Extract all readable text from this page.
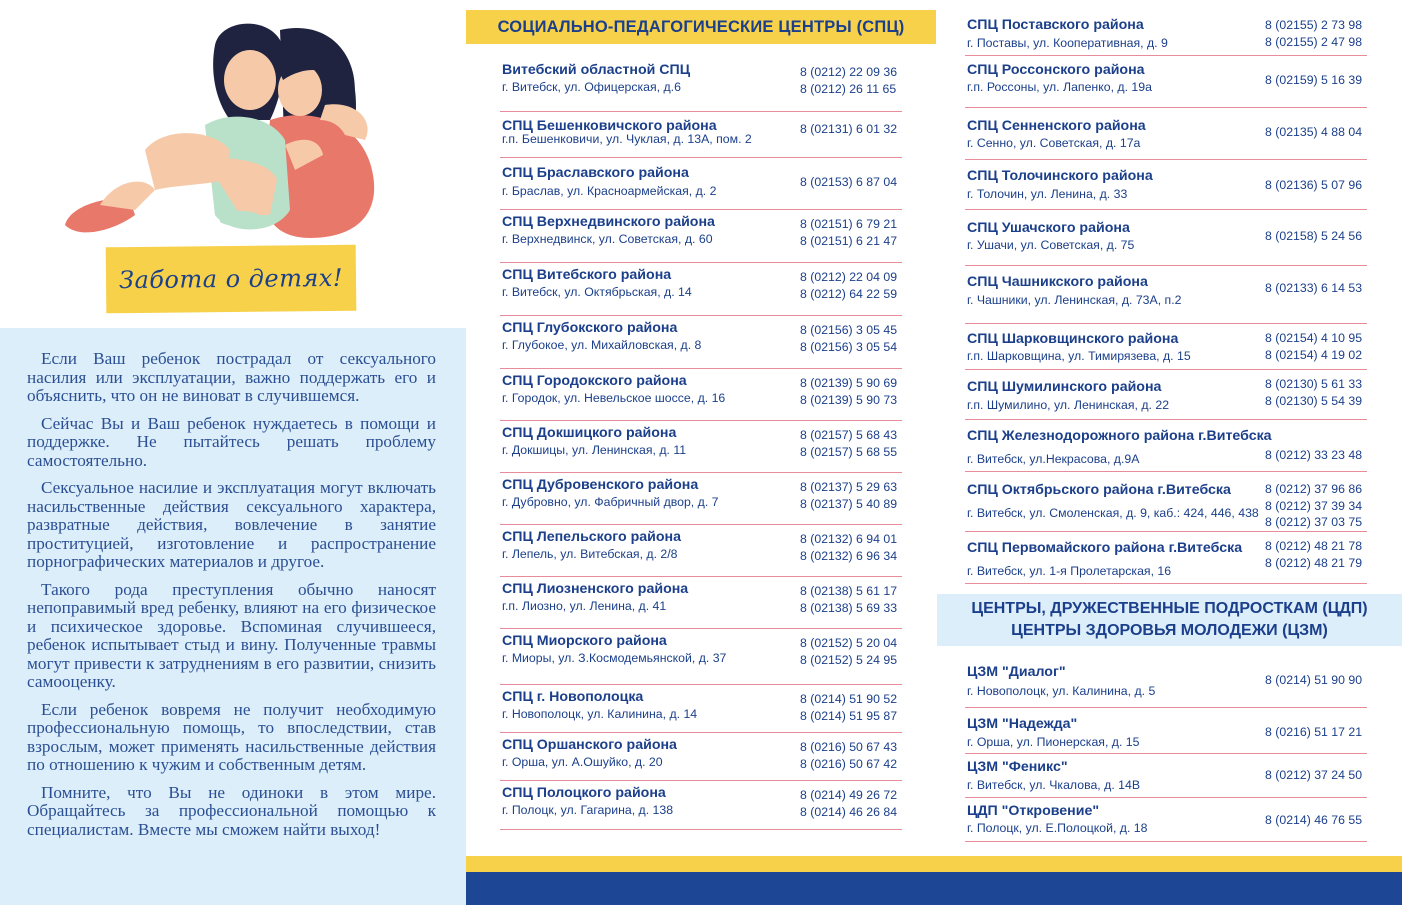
Забота о детях!

Если Ваш ребенок пострадал от сексуального насилия или эксплуатации, важно поддержать его и объяснить, что он не виноват в случившемся.

Сейчас Вы и Ваш ребенок нуждаетесь в помощи и поддержке. Не пытайтесь решать проблему самостоятельно.

Сексуальное насилие и эксплуатация могут включать насильственные действия сексуального характера, развратные действия, вовлечение в занятие проституцией, изготовление и распространение порнографических материалов и другое.

Такого рода преступления обычно наносят непоправимый вред ребенку, влияют на его физическое и психическое здоровье. Вспоминая случившееся, ребенок испытывает стыд и вину. Полученные травмы могут привести к затруднениям в его развитии, снизить самооценку.

Если ребенок вовремя не получит необходимую профессиональную помощь, то впоследствии, став взрослым, может применять насильственные действия по отношению к чужим и собственным детям.

Помните, что Вы не одиноки в этом мире. Обращайтесь за профессиональной помощью к специалистам. Вместе мы сможем найти выход!

СОЦИАЛЬНО-ПЕДАГОГИЧЕСКИЕ ЦЕНТРЫ (СПЦ)
Витебский областной СПЦ
г. Витебск, ул. Офицерская, д.6
8 (0212) 22 09 36
8 (0212) 26 11 65
СПЦ Бешенковичского района
г.п. Бешенковичи, ул. Чуклая, д. 13А, пом. 2
8 (02131) 6 01 32
СПЦ Браславского района
г. Браслав, ул. Красноармейская, д. 2
8 (02153) 6 87 04
СПЦ Верхнедвинского района
г. Верхнедвинск, ул. Советская, д. 60
8 (02151) 6 79 21
8 (02151) 6 21 47
СПЦ Витебского района
г. Витебск, ул. Октябрьская, д. 14
8 (0212) 22 04 09
8 (0212) 64 22 59
СПЦ Глубокского района
г. Глубокое, ул. Михайловская, д. 8
8 (02156) 3 05 45
8 (02156) 3 05 54
СПЦ Городокского района
г. Городок, ул. Невельское шоссе, д. 16
8 (02139) 5 90 69
8 (02139) 5 90 73
СПЦ Докшицкого района
г. Докшицы, ул. Ленинская, д. 11
8 (02157) 5 68 43
8 (02157) 5 68 55
СПЦ Дубровенского района
г. Дубровно, ул. Фабричный двор, д. 7
8 (02137) 5 29 63
8 (02137) 5 40 89
СПЦ Лепельского района
г. Лепель, ул. Витебская, д. 2/8
8 (02132) 6 94 01
8 (02132) 6 96 34
СПЦ Лиозненского района
г.п. Лиозно, ул. Ленина, д. 41
8 (02138) 5 61 17
8 (02138) 5 69 33
СПЦ Миорского района
г. Миоры, ул. З.Космодемьянской, д. 37
8 (02152) 5 20 04
8 (02152) 5 24 95
СПЦ г. Новополоцка
г. Новополоцк, ул. Калинина, д. 14
8 (0214) 51 90 52
8 (0214) 51 95 87
СПЦ Оршанского района
г. Орша, ул. А.Ошуйко, д. 20
8 (0216) 50 67 43
8 (0216) 50 67 42
СПЦ Полоцкого района
г. Полоцк, ул. Гагарина, д. 138
8 (0214) 49 26 72
8 (0214) 46 26 84
СПЦ Поставского района
г. Поставы, ул. Кооперативная, д. 9
8 (02155) 2 73 98
8 (02155) 2 47 98
СПЦ Россонского района
г.п. Россоны, ул. Лапенко, д. 19а	8 (02159) 5 16 39
СПЦ Сенненского района
г. Сенно, ул. Советская, д. 17а
8 (02135) 4 88 04
СПЦ Толочинского района
г. Толочин, ул. Ленина, д. 33
8 (02136) 5 07 96
СПЦ Ушачского района
г. Ушачи, ул. Советская, д. 75
8 (02158) 5 24 56
СПЦ Чашникского района
г. Чашники, ул. Ленинская, д. 73А, п.2
8 (02133) 6 14 53
СПЦ Шарковщинского района
г.п. Шарковщина, ул. Тимирязева, д. 15
8 (02154) 4 10 95
8 (02154) 4 19 02
СПЦ Шумилинского района
г.п. Шумилино, ул. Ленинская, д. 22
8 (02130) 5 61 33
8 (02130) 5 54 39
СПЦ Железнодорожного района г.Витебска
г. Витебск, ул.Некрасова, д.9А	8 (0212) 33 23 48
СПЦ Октябрьского района г.Витебска
г. Витебск, ул. Смоленская, д. 9, каб.: 424, 446, 438
8 (0212) 37 96 86
8 (0212) 37 39 34
8 (0212) 37 03 75
СПЦ Первомайского района г.Витебска
г. Витебск, ул. 1-я Пролетарская, 16
8 (0212) 48 21 78
8 (0212) 48 21 79
ЦЕНТРЫ, ДРУЖЕСТВЕННЫЕ ПОДРОСТКАМ (ЦДП)
ЦЕНТРЫ ЗДОРОВЬЯ МОЛОДЕЖИ (ЦЗМ)
ЦЗМ "Диалог"
г. Новополоцк, ул. Калинина, д. 5
8 (0214) 51 90 90
ЦЗМ "Надежда"
г. Орша, ул. Пионерская, д. 15
8 (0216) 51 17 21
ЦЗМ "Феникс"
г. Витебск, ул. Чкалова, д. 14В
8 (0212) 37 24 50
ЦДП "Откровение"
г. Полоцк, ул. Е.Полоцкой, д. 18
8 (0214) 46 76 55
